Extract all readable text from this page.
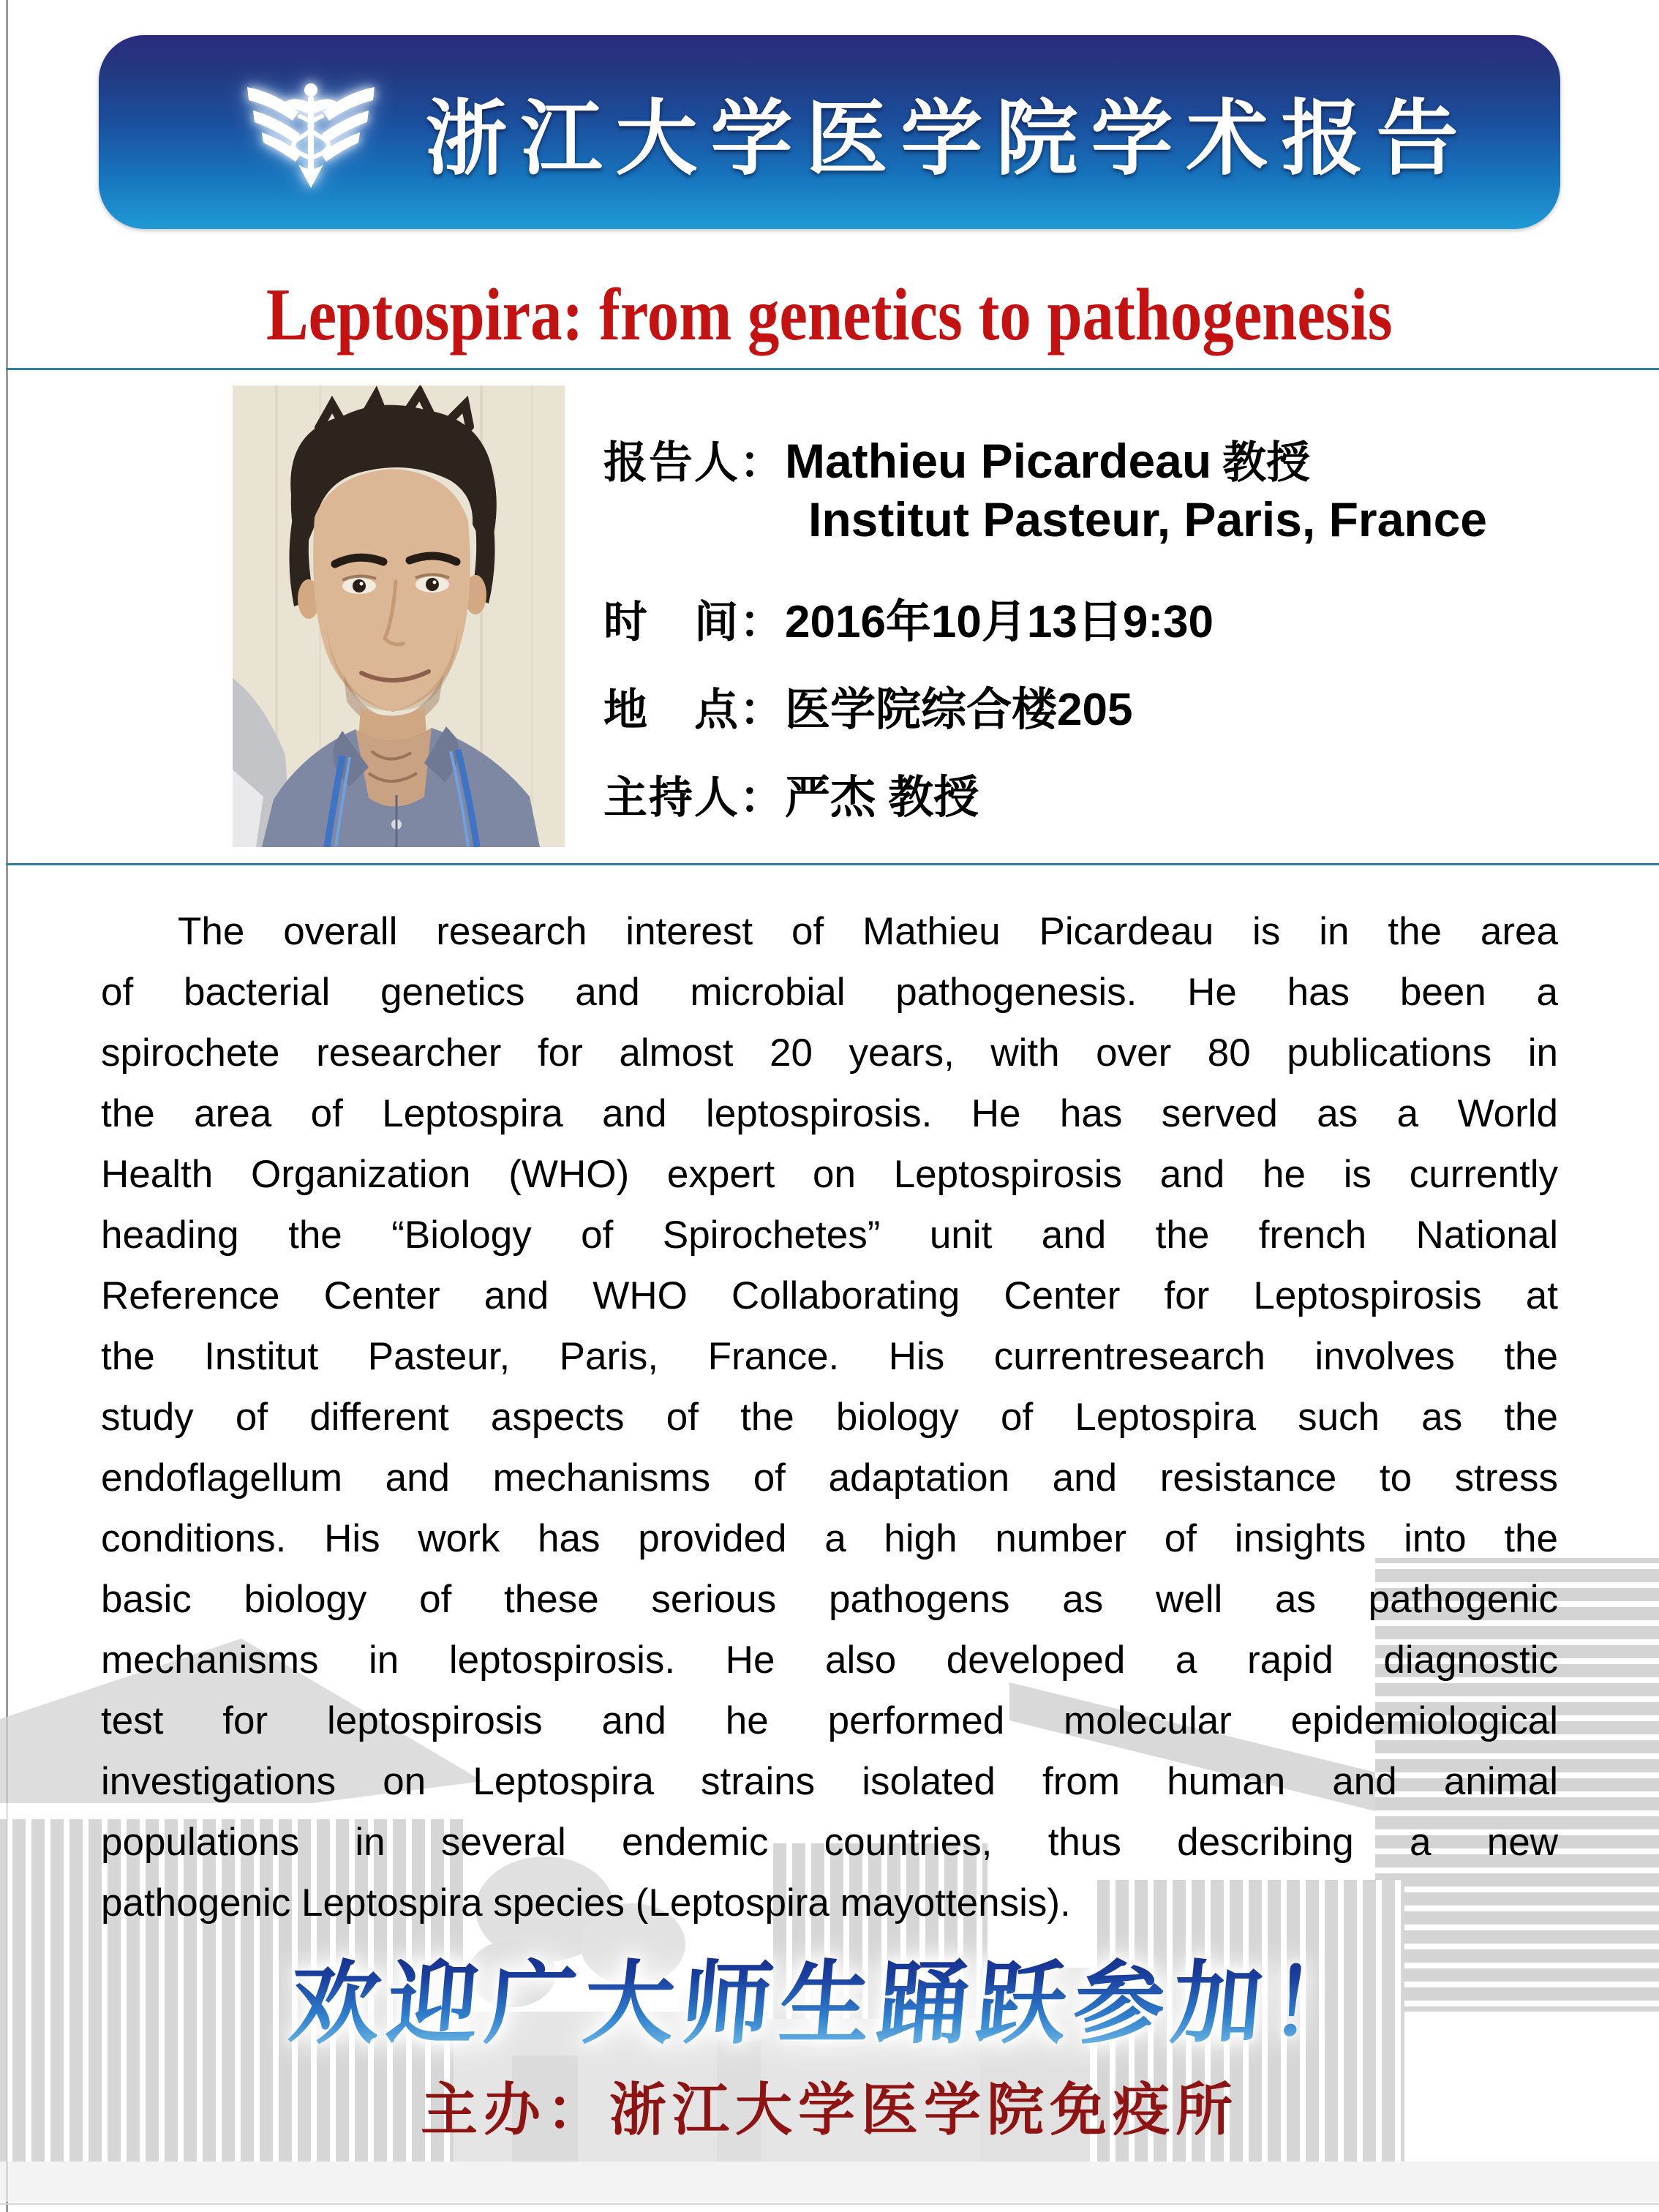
浙江大学医学院学术报告
Leptospira: from genetics to pathogenesis
报告人：Mathieu Picardeau 教授
Institut Pasteur, Paris, France
时　间：2016年10月13日9:30
地　点：医学院综合楼205
主持人：严杰 教授
The overall research interest of Mathieu Picardeau is in the area
of bacterial genetics and microbial pathogenesis. He has been a
spirochete researcher for almost 20 years, with over 80 publications in
the area of Leptospira and leptospirosis. He has served as a World
Health Organization (WHO) expert on Leptospirosis and he is currently
heading the “Biology of Spirochetes” unit and the french National
Reference Center and WHO Collaborating Center for Leptospirosis at
the Institut Pasteur, Paris, France. His currentresearch involves the
study of different aspects of the biology of Leptospira such as the
endoflagellum and mechanisms of adaptation and resistance to stress
conditions. His work has provided a high number of insights into the
basic biology of these serious pathogens as well as pathogenic
mechanisms in leptospirosis. He also developed a rapid diagnostic
test for leptospirosis and he performed molecular epidemiological
investigations on Leptospira strains isolated from human and animal
populations in several endemic countries, thus describing a new
pathogenic Leptospira species (Leptospira mayottensis).
欢迎广大师生踊跃参加！
主办：浙江大学医学院免疫所
